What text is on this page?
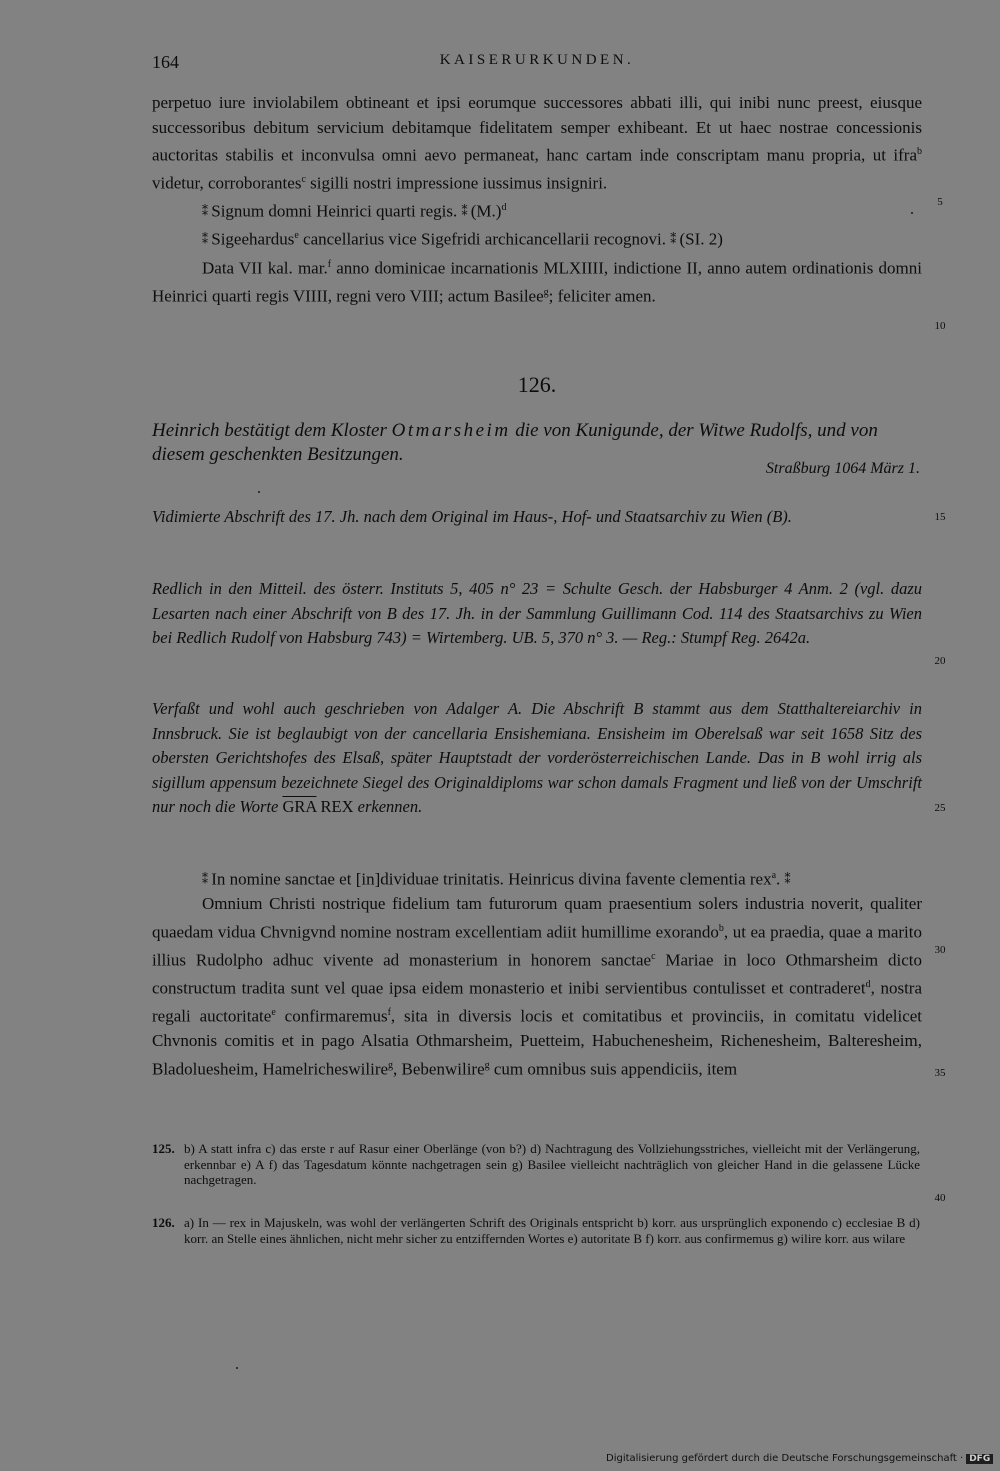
164	KAISERURKUNDEN.

perpetuo iure inviolabilem obtineant et ipsi eorumque successores abbati illi, qui inibi nunc preest, eiusque successoribus debitum servicium debitamque fidelitatem semper exhibeant. Et ut haec nostrae concessionis auctoritas stabilis et inconvulsa omni aevo permaneat, hanc cartam inde conscriptam manu propria, ut ifra$^b$ videtur, corroborantes$^c$ sigilli nostri impressione iussimus insigniri.

⁑ Signum domni Heinrici quarti regis. ⁑ $(M.)^d$

⁑ Sigeehardus$^e$ cancellarius vice Sigefridi archicancellarii recognovi. ⁑ (SI. 2)

Data VII kal. mar.$^f$ anno dominicae incarnationis MLXIIII, indictione II, anno autem ordinationis domni Heinrici quarti regis VIIII, regni vero VIII; actum Basilee$^g$; feliciter amen.

126.
Heinrich bestätigt dem Kloster Otmarsheim die von Kunigunde, der Witwe Rudolfs, und von diesem geschenkten Besitzungen.
Straßburg 1064 März 1.
Vidimierte Abschrift des 17. Jh. nach dem Original im Haus-, Hof- und Staatsarchiv zu Wien (B).
Redlich in den Mitteil. des österr. Instituts 5, 405 n° 23 = Schulte Gesch. der Habsburger 4 Anm. 2 (vgl. dazu Lesarten nach einer Abschrift von B des 17. Jh. in der Sammlung Guillimann Cod. 114 des Staatsarchivs zu Wien bei Redlich Rudolf von Habsburg 743) = Wirtemberg. UB. 5, 370 n° 3. — Reg.: Stumpf Reg. 2642a.
Verfaßt und wohl auch geschrieben von Adalger A. Die Abschrift B stammt aus dem Statthaltereiarchiv in Innsbruck. Sie ist beglaubigt von der cancellaria Ensishemiana. Ensisheim im Oberelsaß war seit 1658 Sitz des obersten Gerichtshofes des Elsaß, später Hauptstadt der vorderösterreichischen Lande. Das in B wohl irrig als sigillum appensum bezeichnete Siegel des Originaldiploms war schon damals Fragment und ließ von der Umschrift nur noch die Worte $\overline{GRA}$ REX erkennen.

⁑ In nomine sanctae et [in]dividuae trinitatis. Heinricus divina favente clementia rex$^a$. ⁑

Omnium Christi nostrique fidelium tam futurorum quam praesentium solers industria noverit, qualiter quaedam vidua Chvnigvnd nomine nostram excellentiam adiit humillime exorando$^b$, ut ea praedia, quae a marito illius Rudolpho adhuc vivente ad monasterium in honorem sanctae$^c$ Mariae in loco Othmarsheim dicto constructum tradita sunt vel quae ipsa eidem monasterio et inibi servientibus contulisset et contraderet$^d$, nostra regali auctoritate$^e$ confirmaremus$^f$, sita in diversis locis et comitatibus et provinciis, in comitatu videlicet Chvnonis comitis et in pago Alsatia Othmarsheim, Puetteim, Habuchenesheim, Richenesheim, Balteresheim, Bladoluesheim, Hamelricheswilire$^g$, Bebenwilire$^g$ cum omnibus suis appendiciis, item

125. b) A statt infra c) das erste r auf Rasur einer Oberlänge (von b?) d) Nachtragung des Vollziehungsstriches, vielleicht mit der Verlängerung, erkennbar e) A f) das Tagesdatum könnte nachgetragen sein g) Basilee vielleicht nachträglich von gleicher Hand in die gelassene Lücke nachgetragen.
126. a) In — rex in Majuskeln, was wohl der verlängerten Schrift des Originals entspricht b) korr. aus ursprünglich exponendo c) ecclesiae B d) korr. an Stelle eines ähnlichen, nicht mehr sicher zu entziffernden Wortes e) autoritate B f) korr. aus confirmemus g) wilire korr. aus wilare
5
10
15
20
25
30
35
40
Digitalisierung gefördert durch die Deutsche Forschungsgemeinschaft · DFG
